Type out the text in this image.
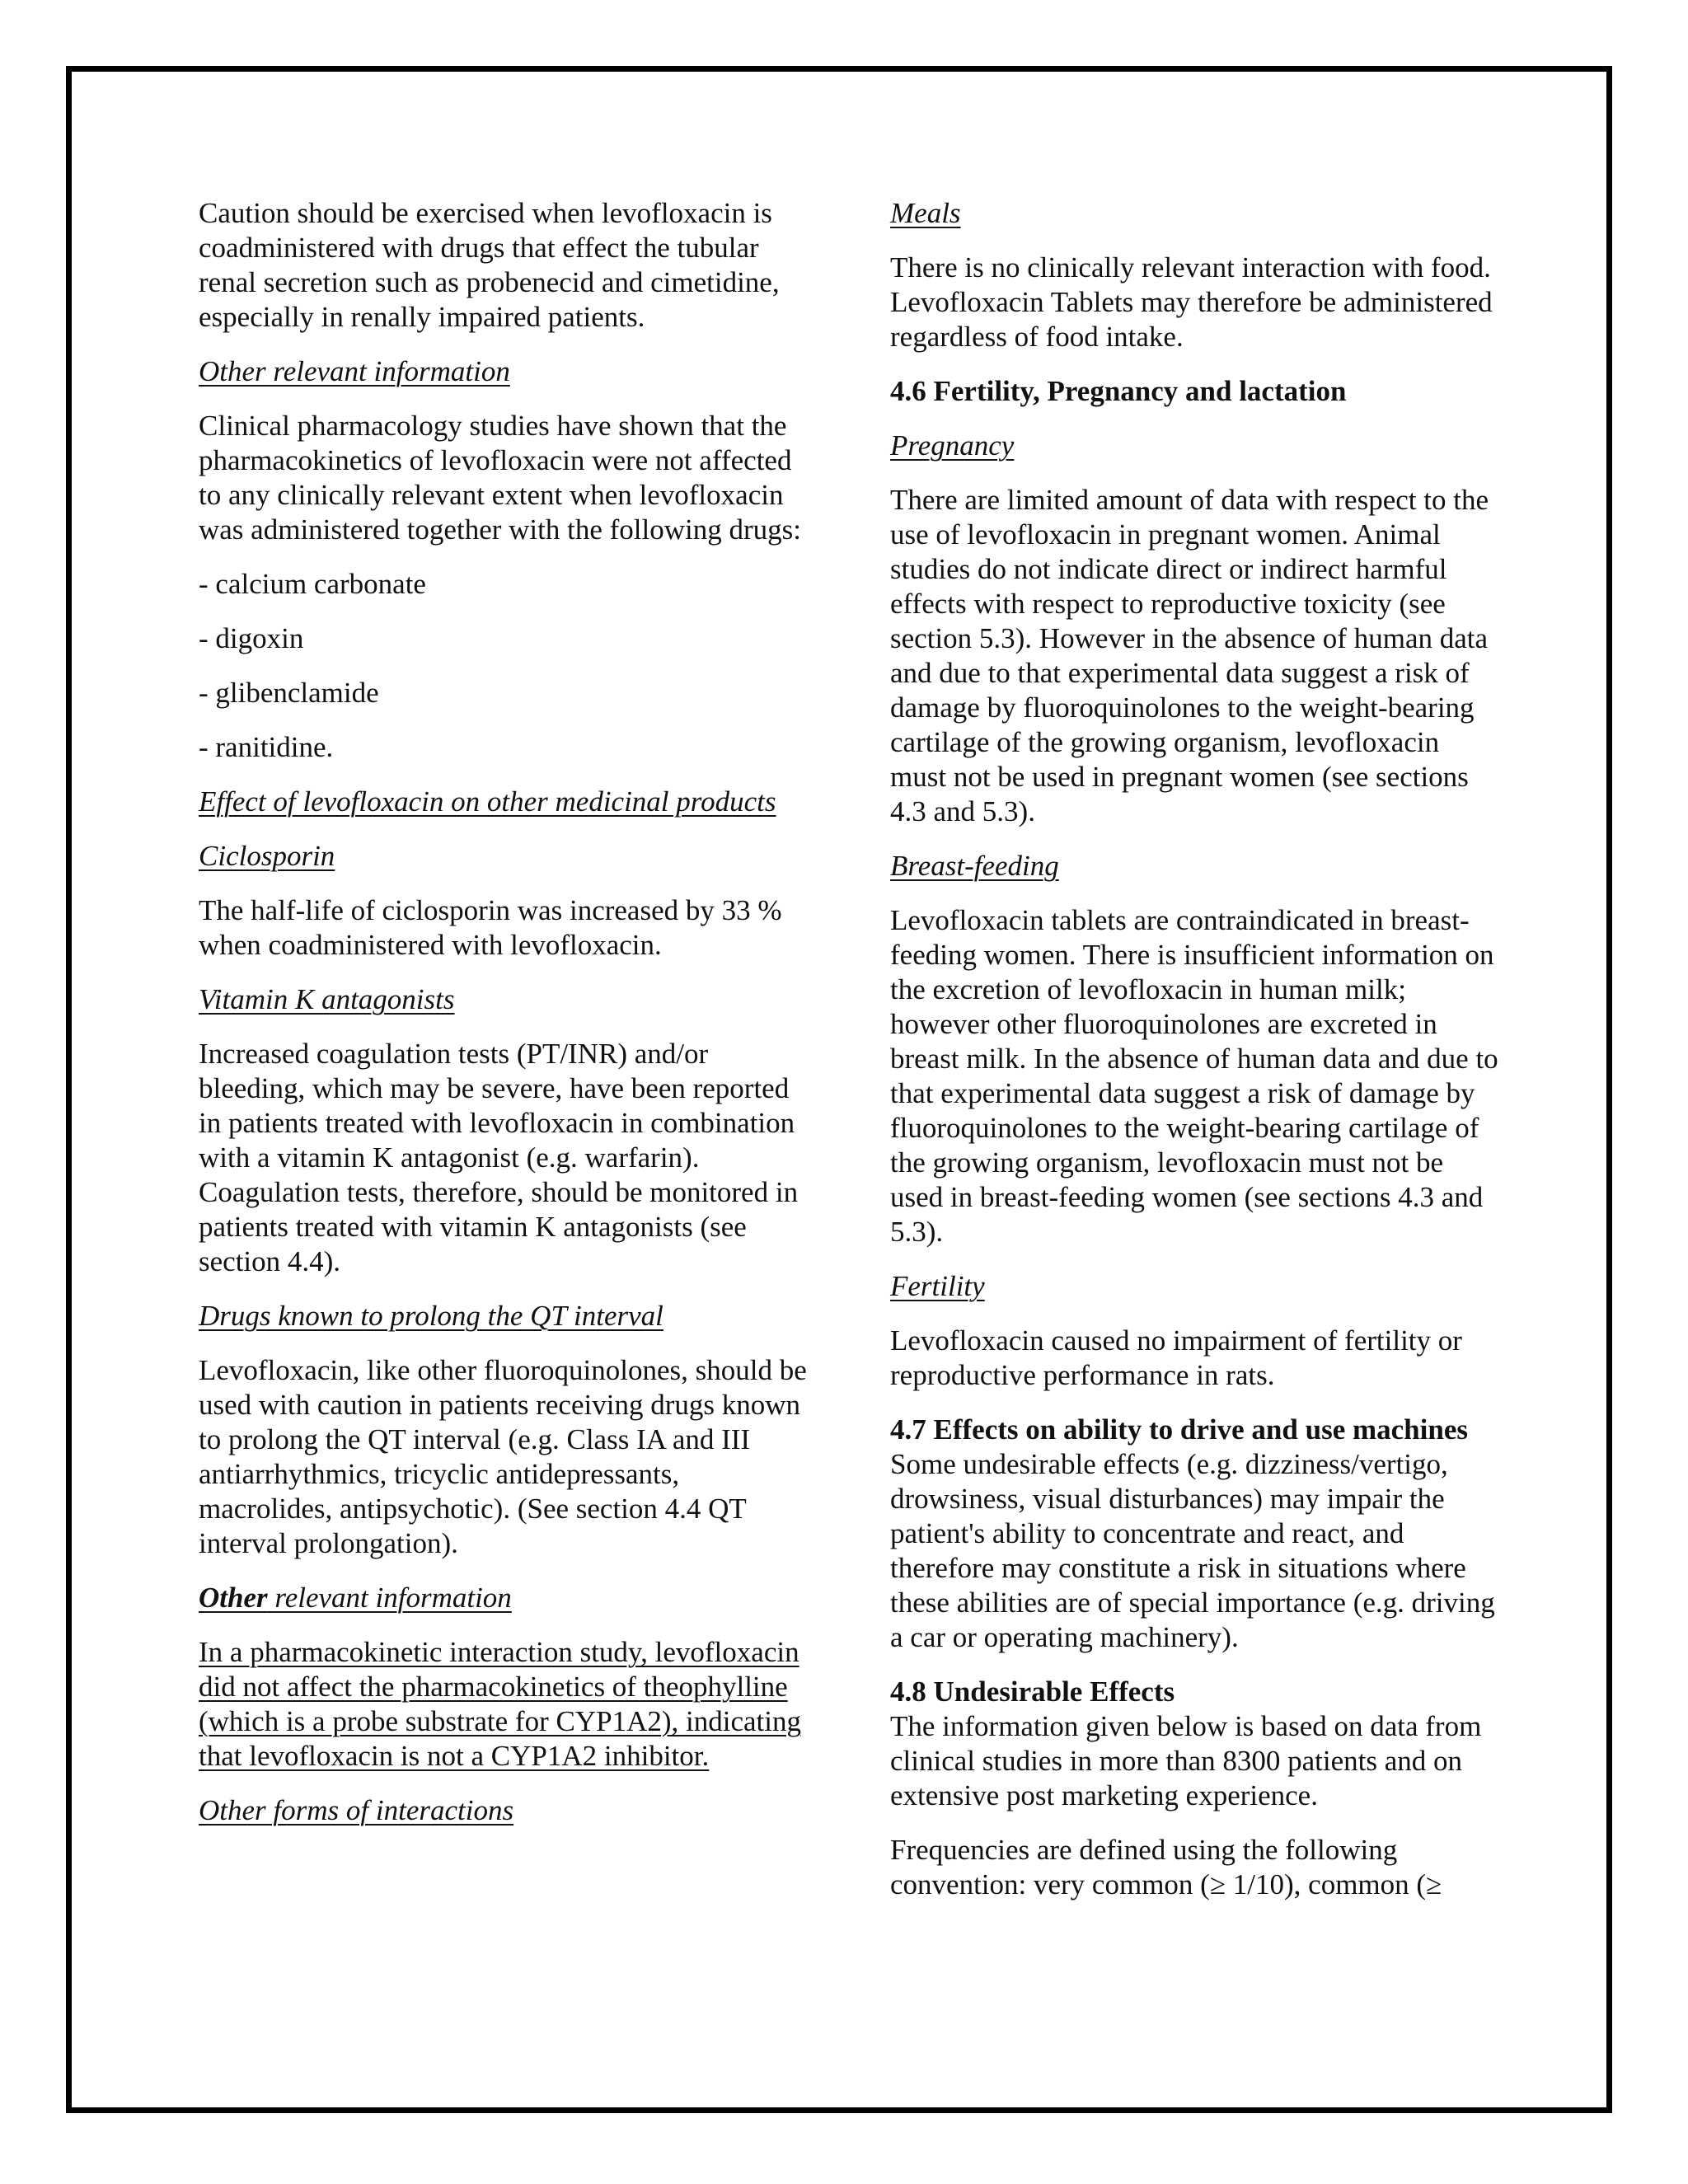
Caution should be exercised when levofloxacin is coadministered with drugs that effect the tubular renal secretion such as probenecid and cimetidine, especially in renally impaired patients.

Other relevant information

Clinical pharmacology studies have shown that the pharmacokinetics of levofloxacin were not affected to any clinically relevant extent when levofloxacin was administered together with the following drugs:

- calcium carbonate

- digoxin

- glibenclamide

- ranitidine.

Effect of levofloxacin on other medicinal products

Ciclosporin

The half-life of ciclosporin was increased by 33 % when coadministered with levofloxacin.

Vitamin K antagonists

Increased coagulation tests (PT/INR) and/or bleeding, which may be severe, have been reported in patients treated with levofloxacin in combination with a vitamin K antagonist (e.g. warfarin). Coagulation tests, therefore, should be monitored in patients treated with vitamin K antagonists (see section 4.4).

Drugs known to prolong the QT interval

Levofloxacin, like other fluoroquinolones, should be used with caution in patients receiving drugs known to prolong the QT interval (e.g. Class IA and III antiarrhythmics, tricyclic antidepressants, macrolides, antipsychotic). (See section 4.4 QT interval prolongation).

Other relevant information

In a pharmacokinetic interaction study, levofloxacin did not affect the pharmacokinetics of theophylline (which is a probe substrate for CYP1A2), indicating that levofloxacin is not a CYP1A2 inhibitor.

Other forms of interactions

Meals

There is no clinically relevant interaction with food. Levofloxacin Tablets may therefore be administered regardless of food intake.

4.6 Fertility, Pregnancy and lactation

Pregnancy

There are limited amount of data with respect to the use of levofloxacin in pregnant women. Animal studies do not indicate direct or indirect harmful effects with respect to reproductive toxicity (see section 5.3). However in the absence of human data and due to that experimental data suggest a risk of damage by fluoroquinolones to the weight-bearing cartilage of the growing organism, levofloxacin must not be used in pregnant women (see sections 4.3 and 5.3).

Breast-feeding

Levofloxacin tablets are contraindicated in breast-feeding women. There is insufficient information on the excretion of levofloxacin in human milk; however other fluoroquinolones are excreted in breast milk. In the absence of human data and due to that experimental data suggest a risk of damage by fluoroquinolones to the weight-bearing cartilage of the growing organism, levofloxacin must not be used in breast-feeding women (see sections 4.3 and 5.3).

Fertility

Levofloxacin caused no impairment of fertility or reproductive performance in rats.

4.7 Effects on ability to drive and use machines

Some undesirable effects (e.g. dizziness/vertigo, drowsiness, visual disturbances) may impair the patient's ability to concentrate and react, and therefore may constitute a risk in situations where these abilities are of special importance (e.g. driving a car or operating machinery).

4.8 Undesirable Effects

The information given below is based on data from clinical studies in more than 8300 patients and on extensive post marketing experience.

Frequencies are defined using the following convention: very common (≥ 1/10), common (≥
